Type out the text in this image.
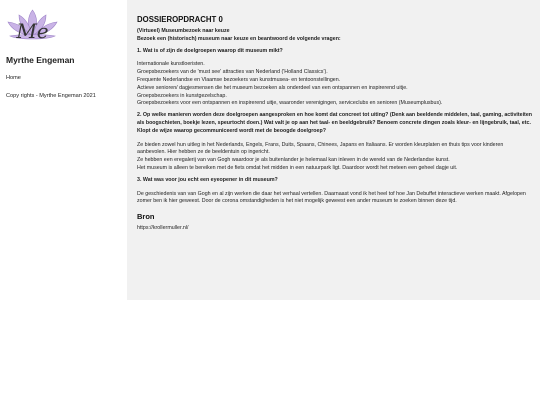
Me
Myrthe Engeman
Home
Copy rights - Myrthe Engeman 2021
DOSSIEROPDRACHT 0

(Virtueel) Museumbezoek naar keuze

Bezoek een (historisch) museum naar keuze en beantwoord de volgende vragen:

1. Wat is of zijn de doelgroepen waarop dit museum mikt?

Internationale kunstloeristen.

Groepsbezoekers van de 'must see' attracties van Nederland ('Holland Classics').

Frequente Nederlandse en Vlaamse bezoekers van kunstmusea- en tentoonstellingen.

Actieve senioren/ dagjesmensen die het museum bezoeken als onderdeel van een ontspannen en inspirerend uitje.

Groepsbezoekers in kunstgezelschap.

Groepsbezoekers voor een ontspannen en inspirerend uitje, waaronder verenigingen, serviceclubs en senioren (Museumplusbus).

2. Op welke manieren worden deze doelgroepen aangesproken en hoe komt dat concreet tot uiting? (Denk aan beeldende middelen, taal, gaming, activiteiten als boogschieten, boekje lezen, speurtocht doen.) Wat valt je op aan het taal- en beeldgebruik? Benoem concrete dingen zoals kleur- en lijngebruik, taal, etc. Klopt de wijze waarop gecommuniceerd wordt met de beoogde doelgroep?

Ze bieden zowel hun uitleg in het Nederlands, Engels, Frans, Duits, Spaans, Chinees, Japans en Italiaans. Er worden kleurplaten en thuis tips voor kinderen aanbevolen. Hier hebben ze de beeldentuin op ingericht.

Ze hebben een eregalerij van van Gogh waardoor je als buitenlander je helemaal kan inleven in de wereld van de Nederlandse kunst.

Het museum is alleen te bereiken met de fiets omdat het midden in een natuurpark ligt. Daardoor wordt het meteen een geheel dagje uit.

3. Wat was voor jou echt een eyeopener in dit museum?

De geschiedenis van van Gogh en al zijn werken die daar het verhaal vertellen. Daarnaast vond ik het heel tof hoe Jan Debuffet interactieve werken maakt. Afgelopen zomer ben ik hier geweest. Door de corona omstandigheden is het niet mogelijk geweest een ander museum te zoeken binnen deze tijd.

Bron

https://krollermuller.nl/
